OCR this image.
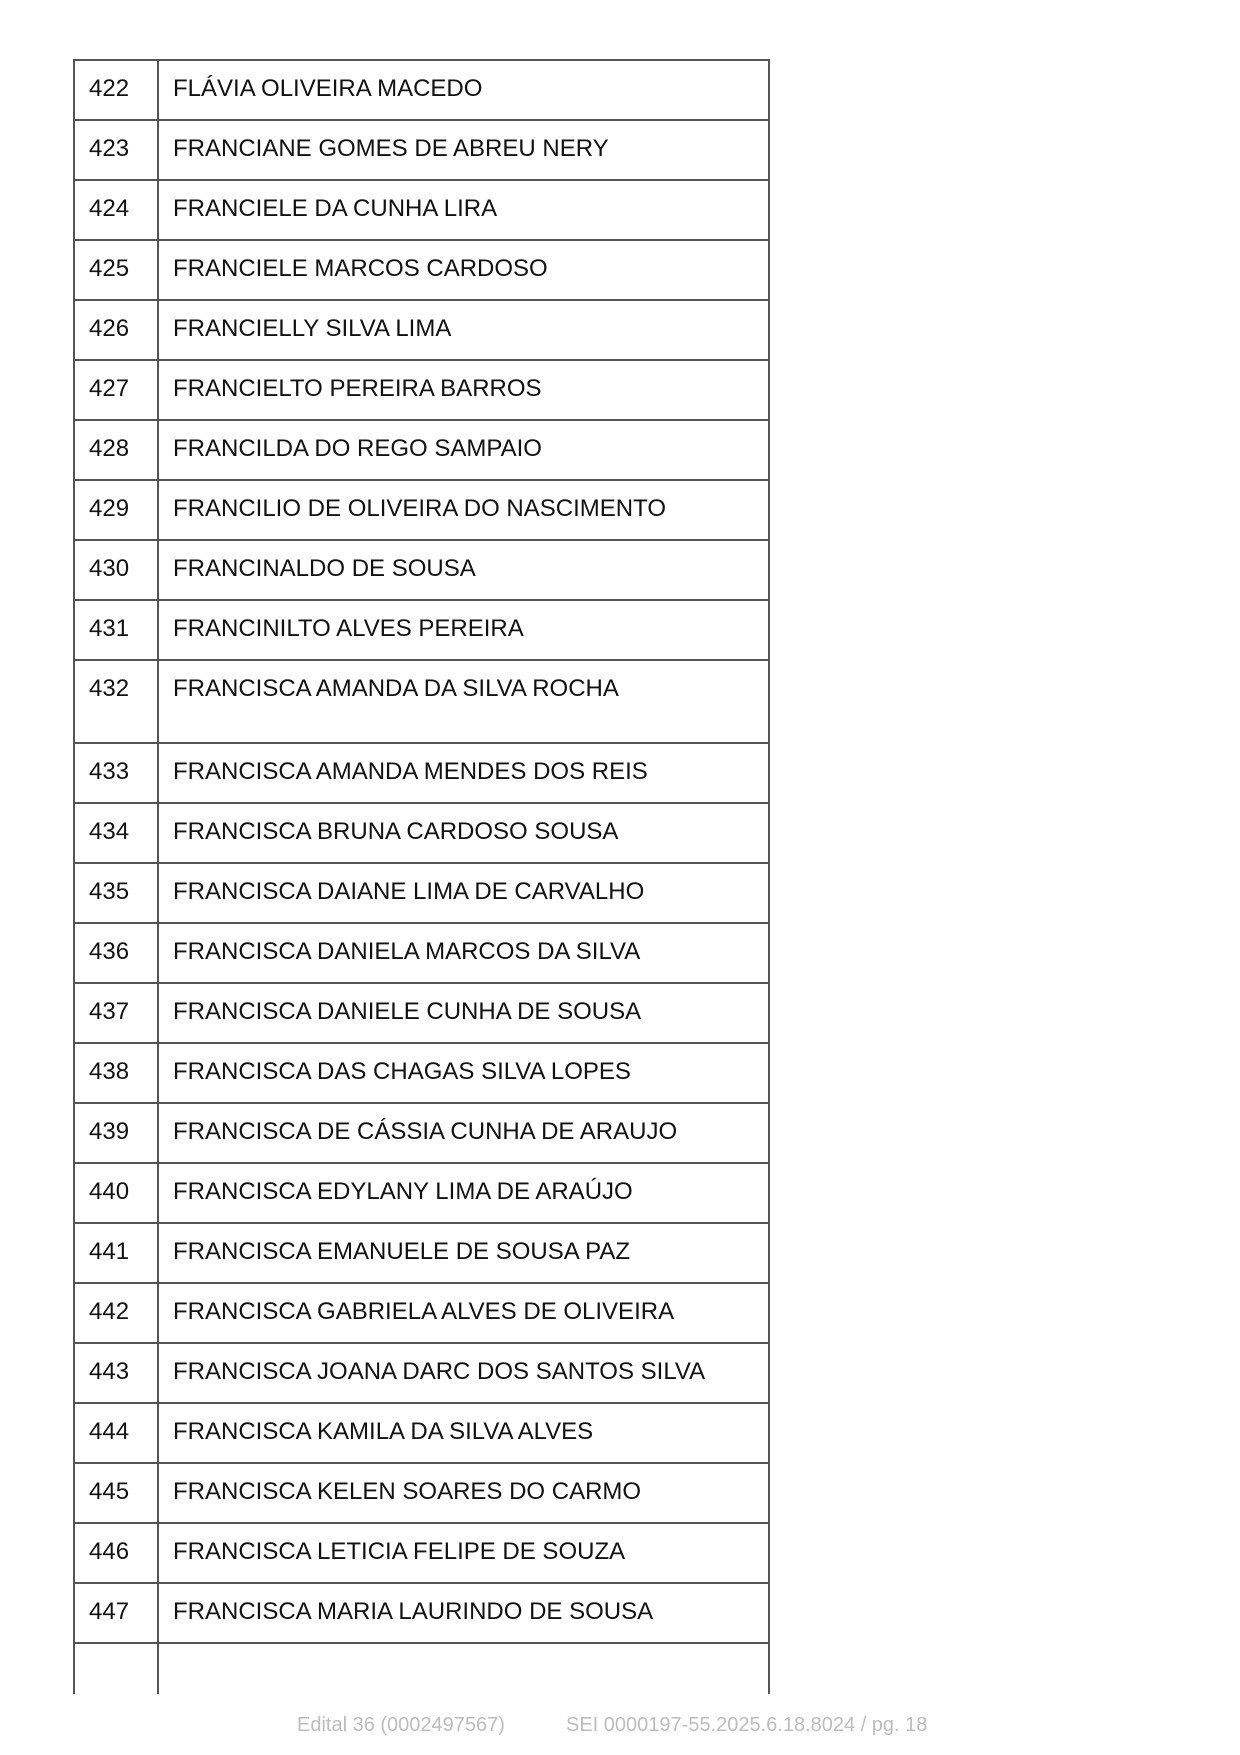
422	FLÁVIA OLIVEIRA MACEDO
423	FRANCIANE GOMES DE ABREU NERY
424	FRANCIELE DA CUNHA LIRA
425	FRANCIELE MARCOS CARDOSO
426	FRANCIELLY SILVA LIMA
427	FRANCIELTO PEREIRA BARROS
428	FRANCILDA DO REGO SAMPAIO
429	FRANCILIO DE OLIVEIRA DO NASCIMENTO
430	FRANCINALDO DE SOUSA
431	FRANCINILTO ALVES PEREIRA
432	FRANCISCA AMANDA DA SILVA ROCHA
433	FRANCISCA AMANDA MENDES DOS REIS
434	FRANCISCA BRUNA CARDOSO SOUSA
435	FRANCISCA DAIANE LIMA DE CARVALHO
436	FRANCISCA DANIELA MARCOS DA SILVA
437	FRANCISCA DANIELE CUNHA DE SOUSA
438	FRANCISCA DAS CHAGAS SILVA LOPES
439	FRANCISCA DE CÁSSIA CUNHA DE ARAUJO
440	FRANCISCA EDYLANY LIMA DE ARAÚJO
441	FRANCISCA EMANUELE DE SOUSA PAZ
442	FRANCISCA GABRIELA ALVES DE OLIVEIRA
443	FRANCISCA JOANA DARC DOS SANTOS SILVA
444	FRANCISCA KAMILA DA SILVA ALVES
445	FRANCISCA KELEN SOARES DO CARMO
446	FRANCISCA LETICIA FELIPE DE SOUZA
447	FRANCISCA MARIA LAURINDO DE SOUSA

Edital 36 (0002497567)	SEI 0000197-55.2025.6.18.8024 / pg. 18
